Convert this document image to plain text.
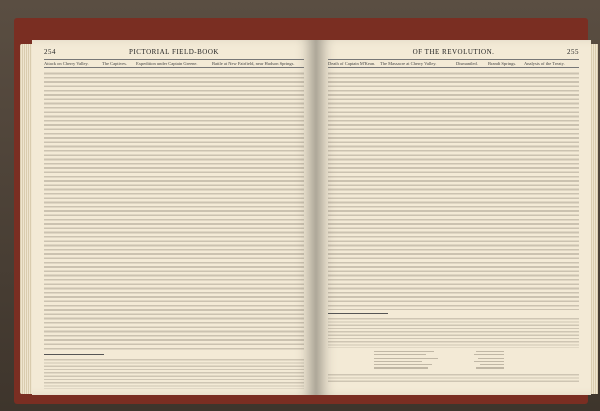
254	PICTORIAL FIELD-BOOK
Attack on Cherry Valley.	The Captives. Expedition under Captain Greene.	Battle at New Fairfield, near Hudson Springs.
OF THE REVOLUTION.	255
Death of Captain M'Kean. The Massacre at Cherry Valley.	Dismantled. Brandt Springs. Analysis of the Treaty.
